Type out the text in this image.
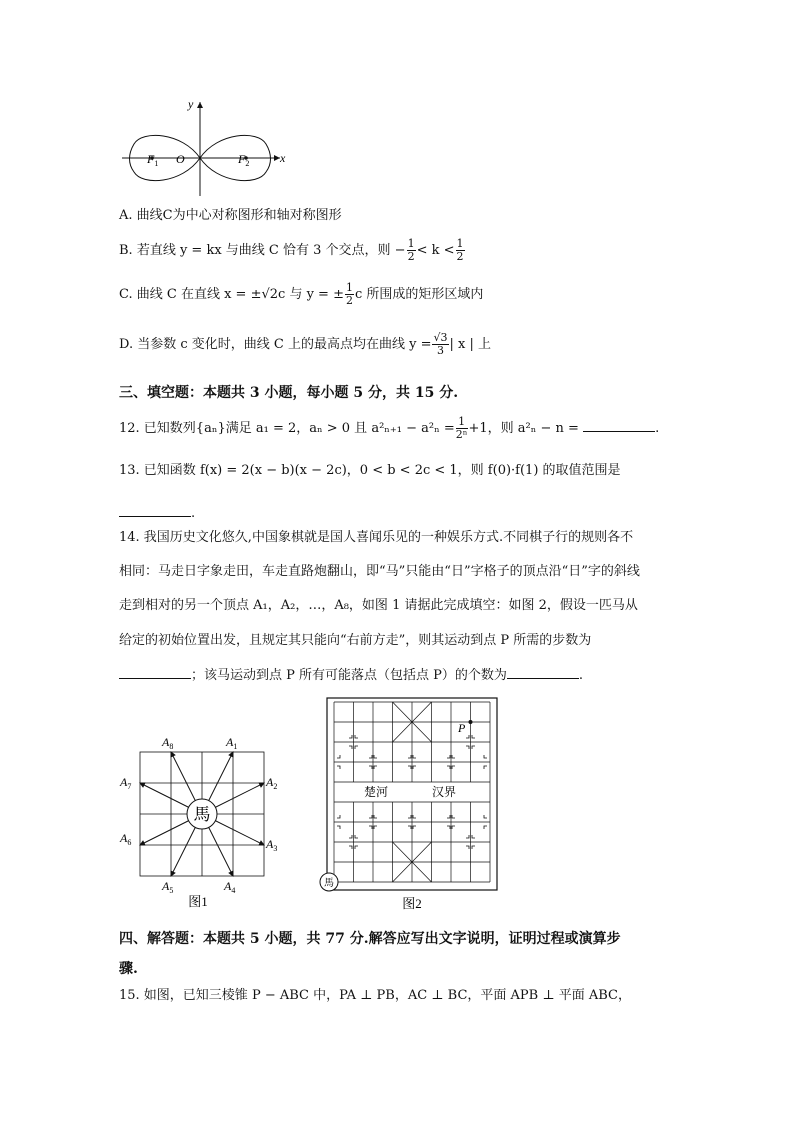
y
x
O
$F_1$	$F_2$
A. 曲线C为中心对称图形和轴对称图形
B. 若直线 y = kx 与曲线 C 恰有 3 个交点，则 − $\frac{1}{2} < k < \frac{1}{2}$
C. 曲线 C 在直线 x = ±√2c 与 y = ± $\frac{1}{2}$ c 所围成的矩形区域内
D. 当参数 c 变化时，曲线 C 上的最高点均在曲线 $y = \frac{√3}{3}$ | x | 上
三、填空题：本题共 3 小题，每小题 5 分，共 15 分.
12. 已知数列{aₙ}满足 a₁ = 2，aₙ > 0 且 $a^2_{n+1} - a^2_n = \frac{1}{\text{2ⁿ}} +1$，则 a²ₙ − n =	.
13. 已知函数 f(x) = 2(x − b)(x − 2c)，0 < b < 2c < 1，则 f(0)·f(1) 的取值范围是
.
14. 我国历史文化悠久,中国象棋就是国人喜闻乐见的一种娱乐方式.不同棋子行的规则各不
相同：马走日字象走田，车走直路炮翻山，即“马”只能由“日”字格子的顶点沿“日”字的斜线
走到相对的另一个顶点 A₁，A₂，…，A₈，如图 1 请据此完成填空：如图 2，假设一匹马从
给定的初始位置出发，且规定其只能向“右前方走”，则其运动到点 P 所需的步数为
；该马运动到点 P 所有可能落点（包括点 P）的个数为	.
馬
$A_1$
$A_2$
$A_3$
$A_4$
$A_5$
$A_6$
$A_7$
$A_8$
图1
楚河	汉界
P
馬
图2
四、解答题：本题共 5 小题，共 77 分.解答应写出文字说明，证明过程或演算步
骤.
15. 如图，已知三棱锥 P − ABC 中，PA ⊥ PB，AC ⊥ BC，平面 APB ⊥ 平面 ABC，
